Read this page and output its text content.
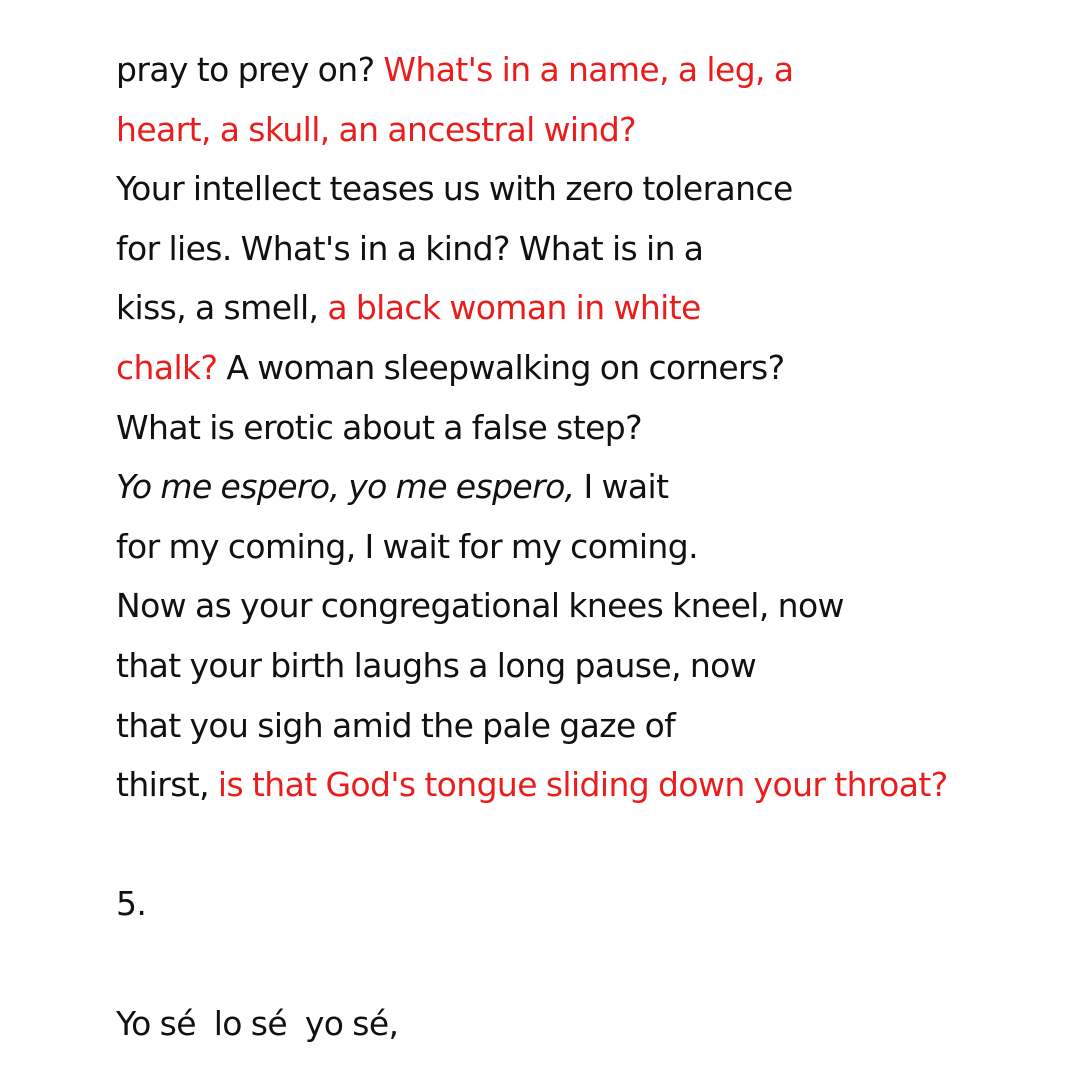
pray to prey on? What's in a name, a leg, a
heart, a skull, an ancestral wind?
Your intellect teases us with zero tolerance
for lies. What's in a kind? What is in a
kiss, a smell, a black woman in white
chalk? A woman sleepwalking on corners?
What is erotic about a false step?
Yo me espero, yo me espero, I wait
for my coming, I wait for my coming.
Now as your congregational knees kneel, now
that your birth laughs a long pause, now
that you sigh amid the pale gaze of
thirst, is that God's tongue sliding down your throat?
5.
Yo sé  lo sé  yo sé,
